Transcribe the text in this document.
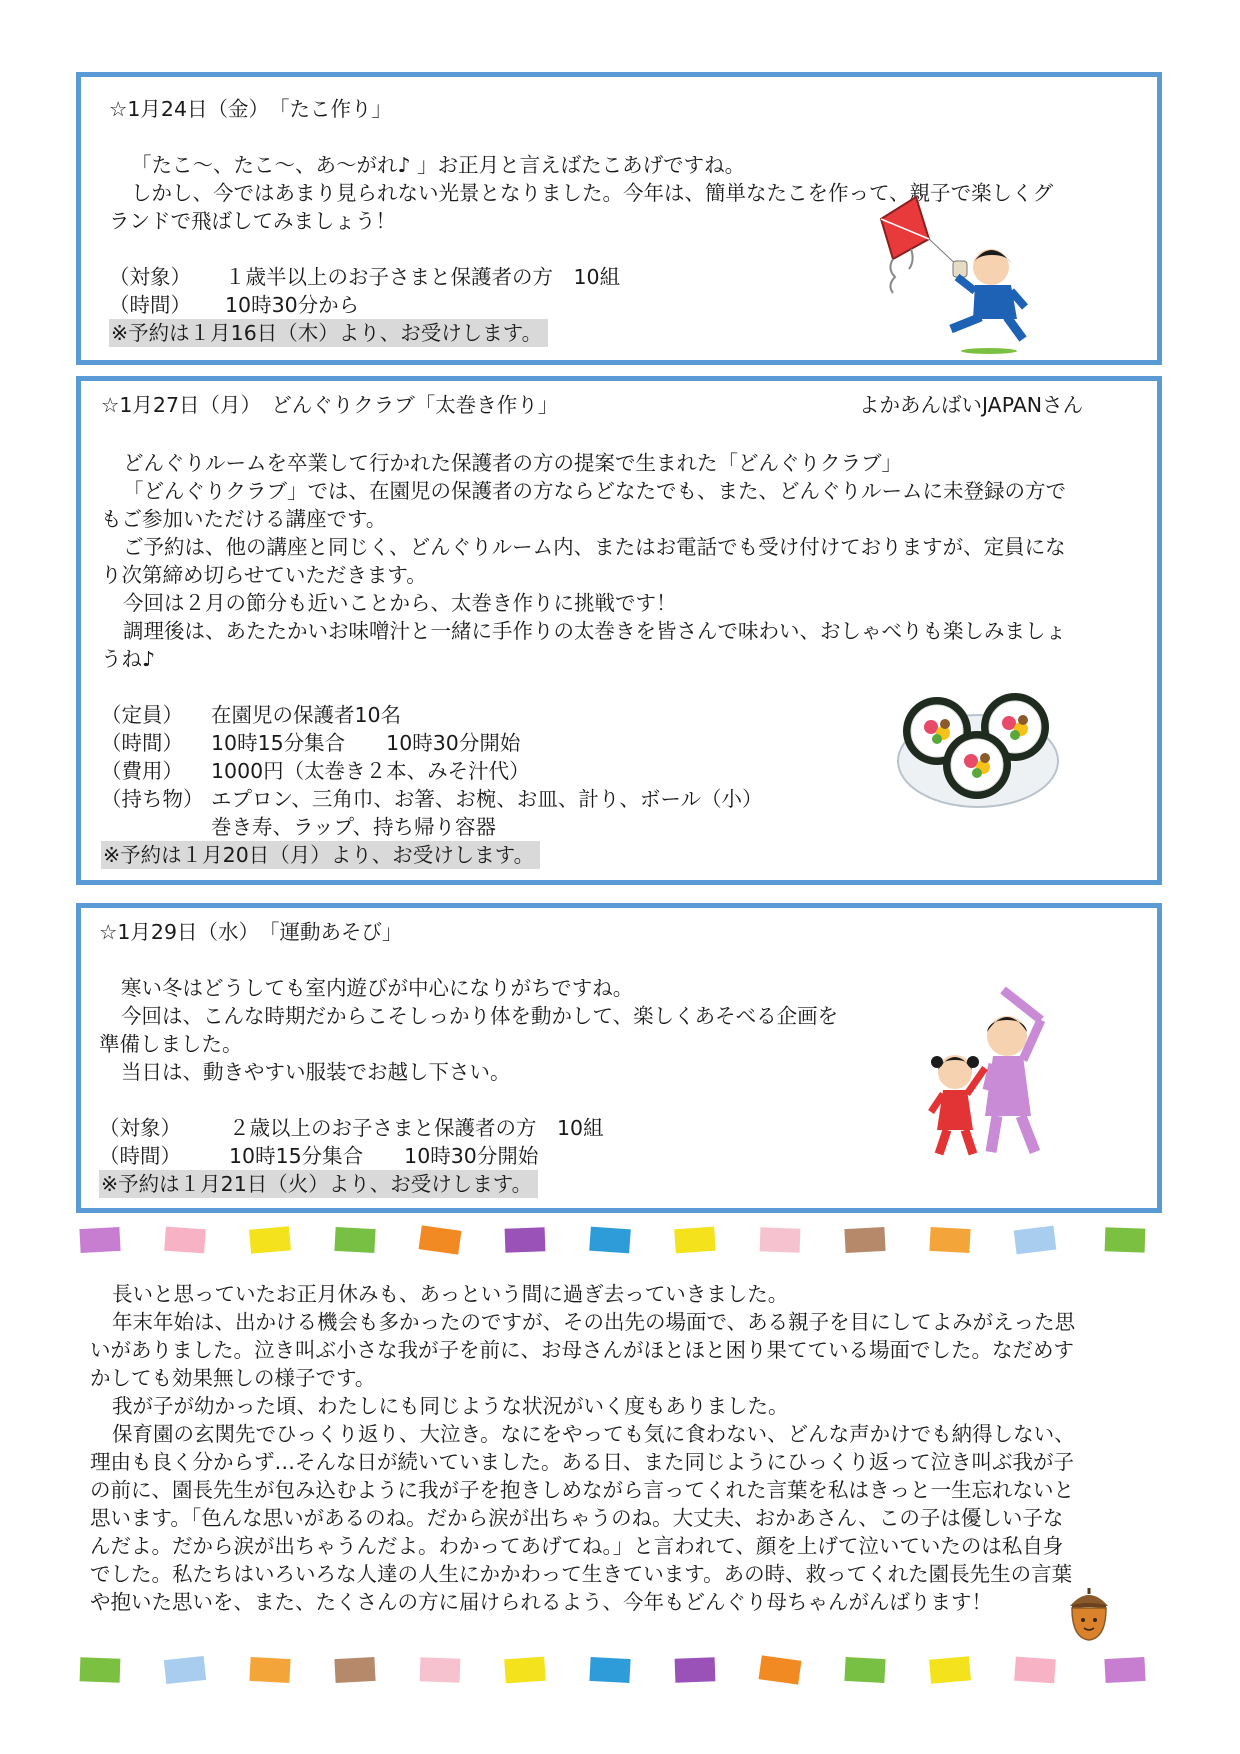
☆1月24日（金）　「たこ作り」
「たこ～、たこ～、あ～がれ♪ 」お正月と言えばたこあげですね。
しかし、今ではあまり見られない光景となりました。今年は、簡単なたこを作って、親子で楽しくグ
ランドで飛ばしてみましょう！
（対象） １歳半以上のお子さまと保護者の方　10組
（時間） 10時30分から
※予約は１月16日（木）より、お受けします。
☆1月27日（月）　どんぐりクラブ「太巻き作り」	よかあんばいJAPANさん
どんぐりルームを卒業して行かれた保護者の方の提案で生まれた「どんぐりクラブ」
「どんぐりクラブ」では、在園児の保護者の方ならどなたでも、また、どんぐりルームに未登録の方で
もご参加いただける講座です。
ご予約は、他の講座と同じく、どんぐりルーム内、またはお電話でも受け付けておりますが、定員にな
り次第締め切らせていただきます。
今回は２月の節分も近いことから、太巻き作りに挑戦です！
調理後は、あたたかいお味噌汁と一緒に手作りの太巻きを皆さんで味わい、おしゃべりも楽しみましょ
うね♪
（定員） 在園児の保護者10名
（時間） 10時15分集合　　10時30分開始
（費用） 1000円（太巻き２本、みそ汁代）
（持ち物） エプロン、三角巾、お箸、お椀、お皿、計り、ボール（小）
巻き寿、ラップ、持ち帰り容器
※予約は１月20日（月）より、お受けします。
☆1月29日（水）　「運動あそび」
寒い冬はどうしても室内遊びが中心になりがちですね。
今回は、こんな時期だからこそしっかり体を動かして、楽しくあそべる企画を
準備しました。
当日は、動きやすい服装でお越し下さい。
（対象） ２歳以上のお子さまと保護者の方　10組
（時間） 10時15分集合　　10時30分開始
※予約は１月21日（火）より、お受けします。
長いと思っていたお正月休みも、あっという間に過ぎ去っていきました。
年末年始は、出かける機会も多かったのですが、その出先の場面で、ある親子を目にしてよみがえった思
いがありました。泣き叫ぶ小さな我が子を前に、お母さんがほとほと困り果てている場面でした。なだめす
かしても効果無しの様子です。
我が子が幼かった頃、わたしにも同じような状況がいく度もありました。
保育園の玄関先でひっくり返り、大泣き。なにをやっても気に食わない、どんな声かけでも納得しない、
理由も良く分からず…そんな日が続いていました。ある日、また同じようにひっくり返って泣き叫ぶ我が子
の前に、園長先生が包み込むように我が子を抱きしめながら言ってくれた言葉を私はきっと一生忘れないと
思います。「色んな思いがあるのね。だから涙が出ちゃうのね。大丈夫、おかあさん、この子は優しい子な
んだよ。だから涙が出ちゃうんだよ。わかってあげてね。」と言われて、顔を上げて泣いていたのは私自身
でした。私たちはいろいろな人達の人生にかかわって生きています。あの時、救ってくれた園長先生の言葉
や抱いた思いを、また、たくさんの方に届けられるよう、今年もどんぐり母ちゃんがんばります！
